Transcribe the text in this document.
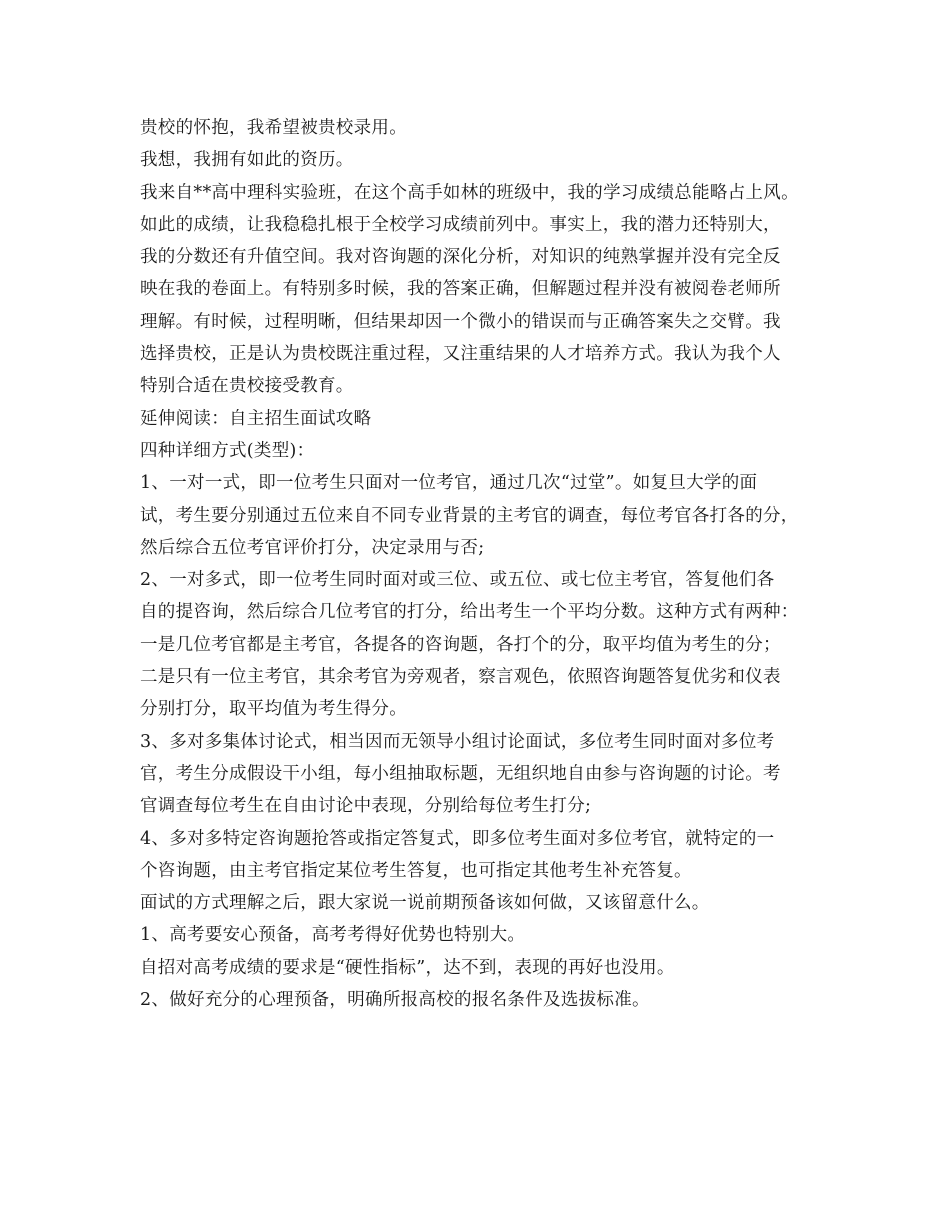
贵校的怀抱，我希望被贵校录用。
我想，我拥有如此的资历。
我来自**高中理科实验班，在这个高手如林的班级中，我的学习成绩总能略占上风。
如此的成绩，让我稳稳扎根于全校学习成绩前列中。事实上，我的潜力还特别大，
我的分数还有升值空间。我对咨询题的深化分析，对知识的纯熟掌握并没有完全反
映在我的卷面上。有特别多时候，我的答案正确，但解题过程并没有被阅卷老师所
理解。有时候，过程明晰，但结果却因一个微小的错误而与正确答案失之交臂。我
选择贵校，正是认为贵校既注重过程，又注重结果的人才培养方式。我认为我个人
特别合适在贵校接受教育。
延伸阅读：自主招生面试攻略
四种详细方式(类型)：
1、一对一式，即一位考生只面对一位考官，通过几次“过堂”。如复旦大学的面
试，考生要分别通过五位来自不同专业背景的主考官的调查，每位考官各打各的分，
然后综合五位考官评价打分，决定录用与否;
2、一对多式，即一位考生同时面对或三位、或五位、或七位主考官，答复他们各
自的提咨询，然后综合几位考官的打分，给出考生一个平均分数。这种方式有两种：
一是几位考官都是主考官，各提各的咨询题，各打个的分，取平均值为考生的分；
二是只有一位主考官，其余考官为旁观者，察言观色，依照咨询题答复优劣和仪表
分别打分，取平均值为考生得分。
3、多对多集体讨论式，相当因而无领导小组讨论面试，多位考生同时面对多位考
官，考生分成假设干小组，每小组抽取标题，无组织地自由参与咨询题的讨论。考
官调查每位考生在自由讨论中表现，分别给每位考生打分;
4、多对多特定咨询题抢答或指定答复式，即多位考生面对多位考官，就特定的一
个咨询题，由主考官指定某位考生答复，也可指定其他考生补充答复。
面试的方式理解之后，跟大家说一说前期预备该如何做，又该留意什么。
1、高考要安心预备，高考考得好优势也特别大。
自招对高考成绩的要求是“硬性指标”，达不到，表现的再好也没用。
2、做好充分的心理预备，明确所报高校的报名条件及选拔标准。
